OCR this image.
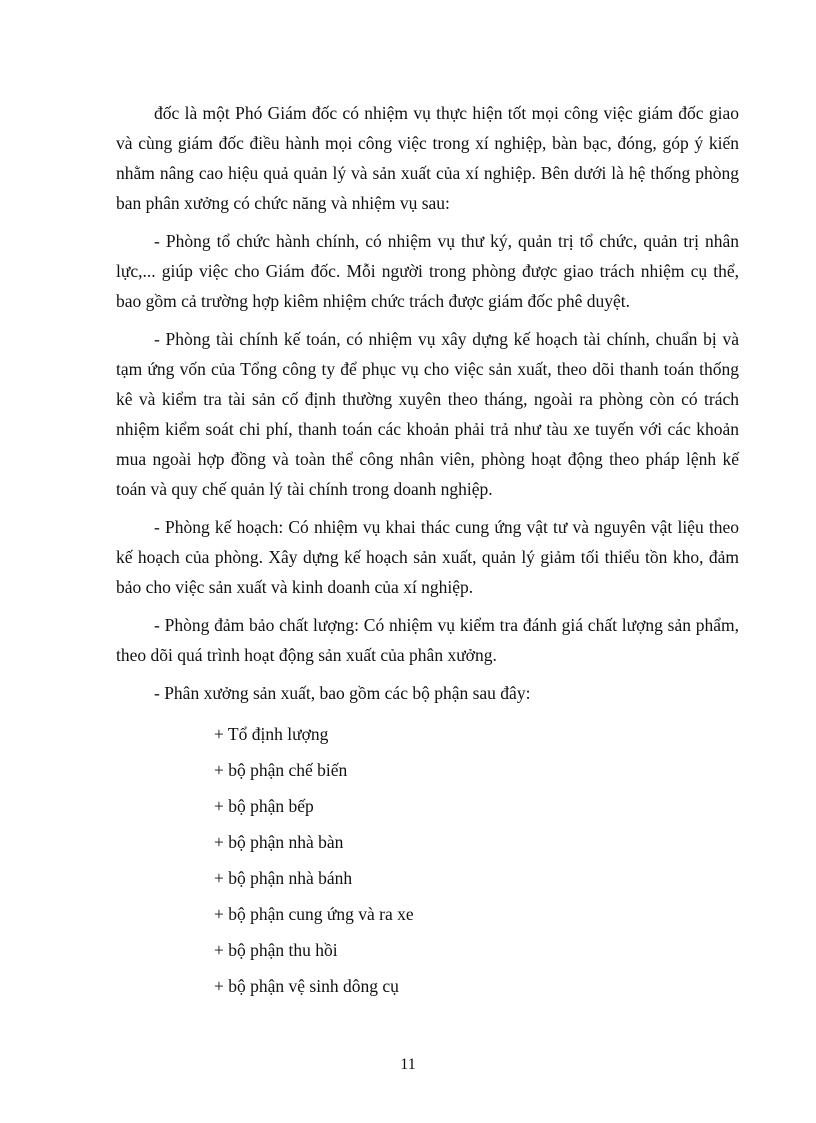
đốc là một Phó Giám đốc có nhiệm vụ thực hiện tốt mọi công việc giám đốc giao và cùng giám đốc điều hành mọi công việc trong xí nghiệp, bàn bạc, đóng, góp ý kiến nhằm nâng cao hiệu quả quản lý và sản xuất của xí nghiệp. Bên dưới là hệ thống phòng ban phân xưởng có chức năng và nhiệm vụ sau:

- Phòng tổ chức hành chính, có nhiệm vụ thư ký, quản trị tổ chức, quản trị nhân lực,... giúp việc cho Giám đốc. Mỗi người trong phòng được giao trách nhiệm cụ thể, bao gồm cả trường hợp kiêm nhiệm chức trách được giám đốc phê duyệt.

- Phòng tài chính kế toán, có nhiệm vụ xây dựng kế hoạch tài chính, chuẩn bị và tạm ứng vốn của Tổng công ty để phục vụ cho việc sản xuất, theo dõi thanh toán thống kê và kiểm tra tài sản cố định thường xuyên theo tháng, ngoài ra phòng còn có trách nhiệm kiểm soát chi phí, thanh toán các khoản phải trả như tàu xe tuyến với các khoản mua ngoài hợp đồng và toàn thể công nhân viên, phòng hoạt động theo pháp lệnh kế toán và quy chế quản lý tài chính trong doanh nghiệp.

- Phòng kế hoạch: Có nhiệm vụ khai thác cung ứng vật tư và nguyên vật liệu theo kế hoạch của phòng. Xây dựng kế hoạch sản xuất, quản lý giảm tối thiểu tồn kho, đảm bảo cho việc sản xuất và kinh doanh của xí nghiệp.

- Phòng đảm bảo chất lượng: Có nhiệm vụ kiểm tra đánh giá chất lượng sản phẩm, theo dõi quá trình hoạt động sản xuất của phân xưởng.

- Phân xưởng sản xuất, bao gồm các bộ phận sau đây:

+ Tổ định lượng
+ bộ phận chế biến
+ bộ phận bếp
+ bộ phận nhà bàn
+ bộ phận nhà bánh
+ bộ phận cung ứng và ra xe
+ bộ phận thu hồi
+ bộ phận vệ sinh dông cụ
11
